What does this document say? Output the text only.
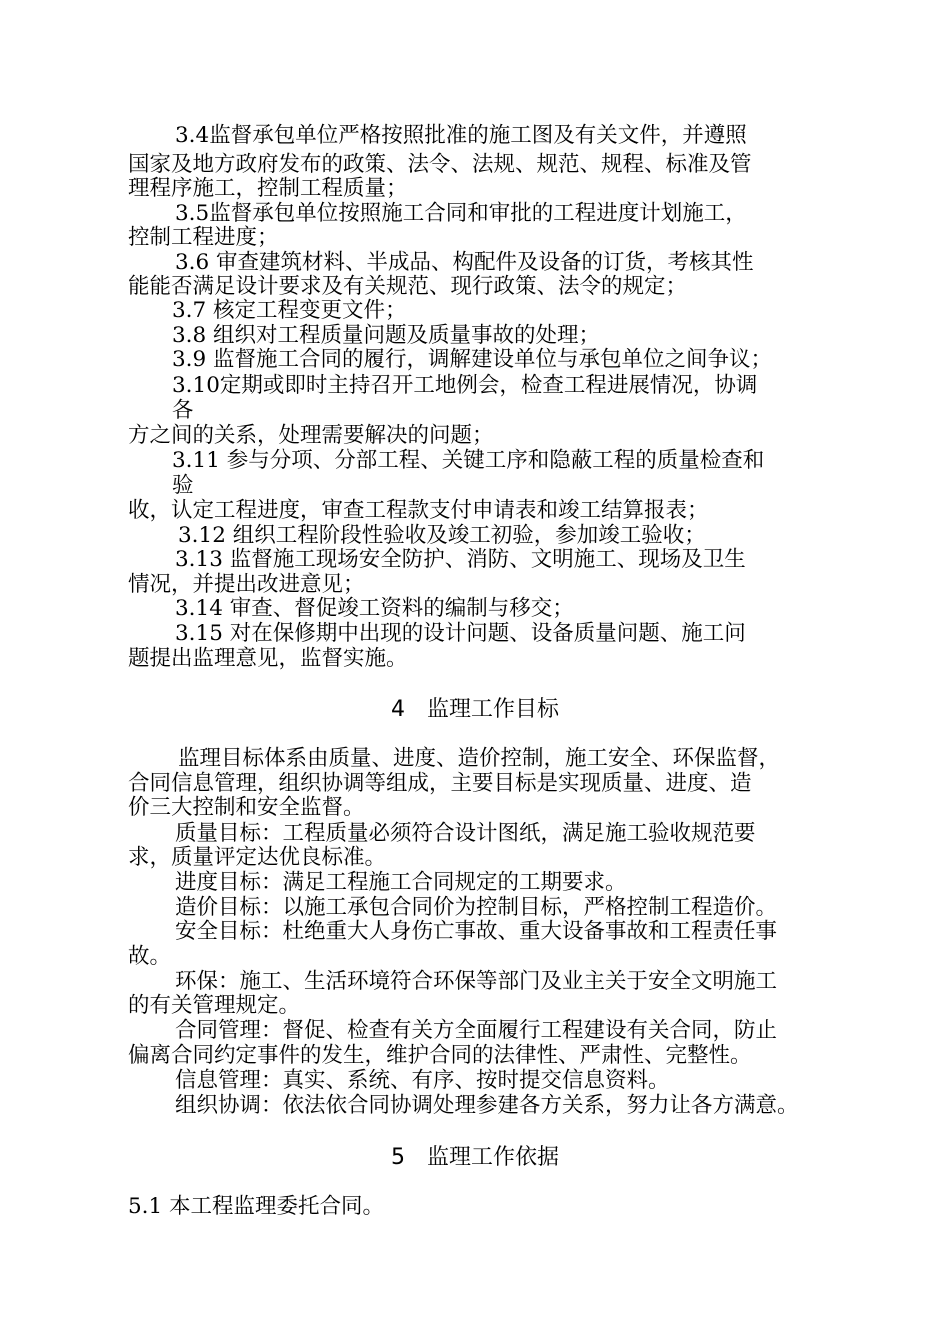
3.4监督承包单位严格按照批准的施工图及有关文件，并遵照
国家及地方政府发布的政策、法令、法规、规范、规程、标准及管
理程序施工，控制工程质量；
3.5监督承包单位按照施工合同和审批的工程进度计划施工，
控制工程进度；
3.6 审查建筑材料、半成品、构配件及设备的订货，考核其性
能能否满足设计要求及有关规范、现行政策、法令的规定；
3.7 核定工程变更文件；
3.8 组织对工程质量问题及质量事故的处理；
3.9 监督施工合同的履行，调解建设单位与承包单位之间争议；
3.10定期或即时主持召开工地例会，检查工程进展情况，协调
各
方之间的关系，处理需要解决的问题；
3.11 参与分项、分部工程、关键工序和隐蔽工程的质量检查和
验
收，认定工程进度，审查工程款支付申请表和竣工结算报表；
3.12 组织工程阶段性验收及竣工初验，参加竣工验收；
3.13 监督施工现场安全防护、消防、文明施工、现场及卫生
情况，并提出改进意见；
3.14 审查、督促竣工资料的编制与移交；
3.15 对在保修期中出现的设计问题、设备质量问题、施工问
题提出监理意见，监督实施。
4 监理工作目标
监理目标体系由质量、进度、造价控制，施工安全、环保监督，
合同信息管理，组织协调等组成，主要目标是实现质量、进度、造
价三大控制和安全监督。
质量目标：工程质量必须符合设计图纸，满足施工验收规范要
求，质量评定达优良标准。
进度目标：满足工程施工合同规定的工期要求。
造价目标：以施工承包合同价为控制目标，严格控制工程造价。
安全目标：杜绝重大人身伤亡事故、重大设备事故和工程责任事
故。
环保：施工、生活环境符合环保等部门及业主关于安全文明施工
的有关管理规定。
合同管理：督促、检查有关方全面履行工程建设有关合同，防止
偏离合同约定事件的发生，维护合同的法律性、严肃性、完整性。
信息管理：真实、系统、有序、按时提交信息资料。
组织协调：依法依合同协调处理参建各方关系，努力让各方满意。
5 监理工作依据
5.1 本工程监理委托合同。
